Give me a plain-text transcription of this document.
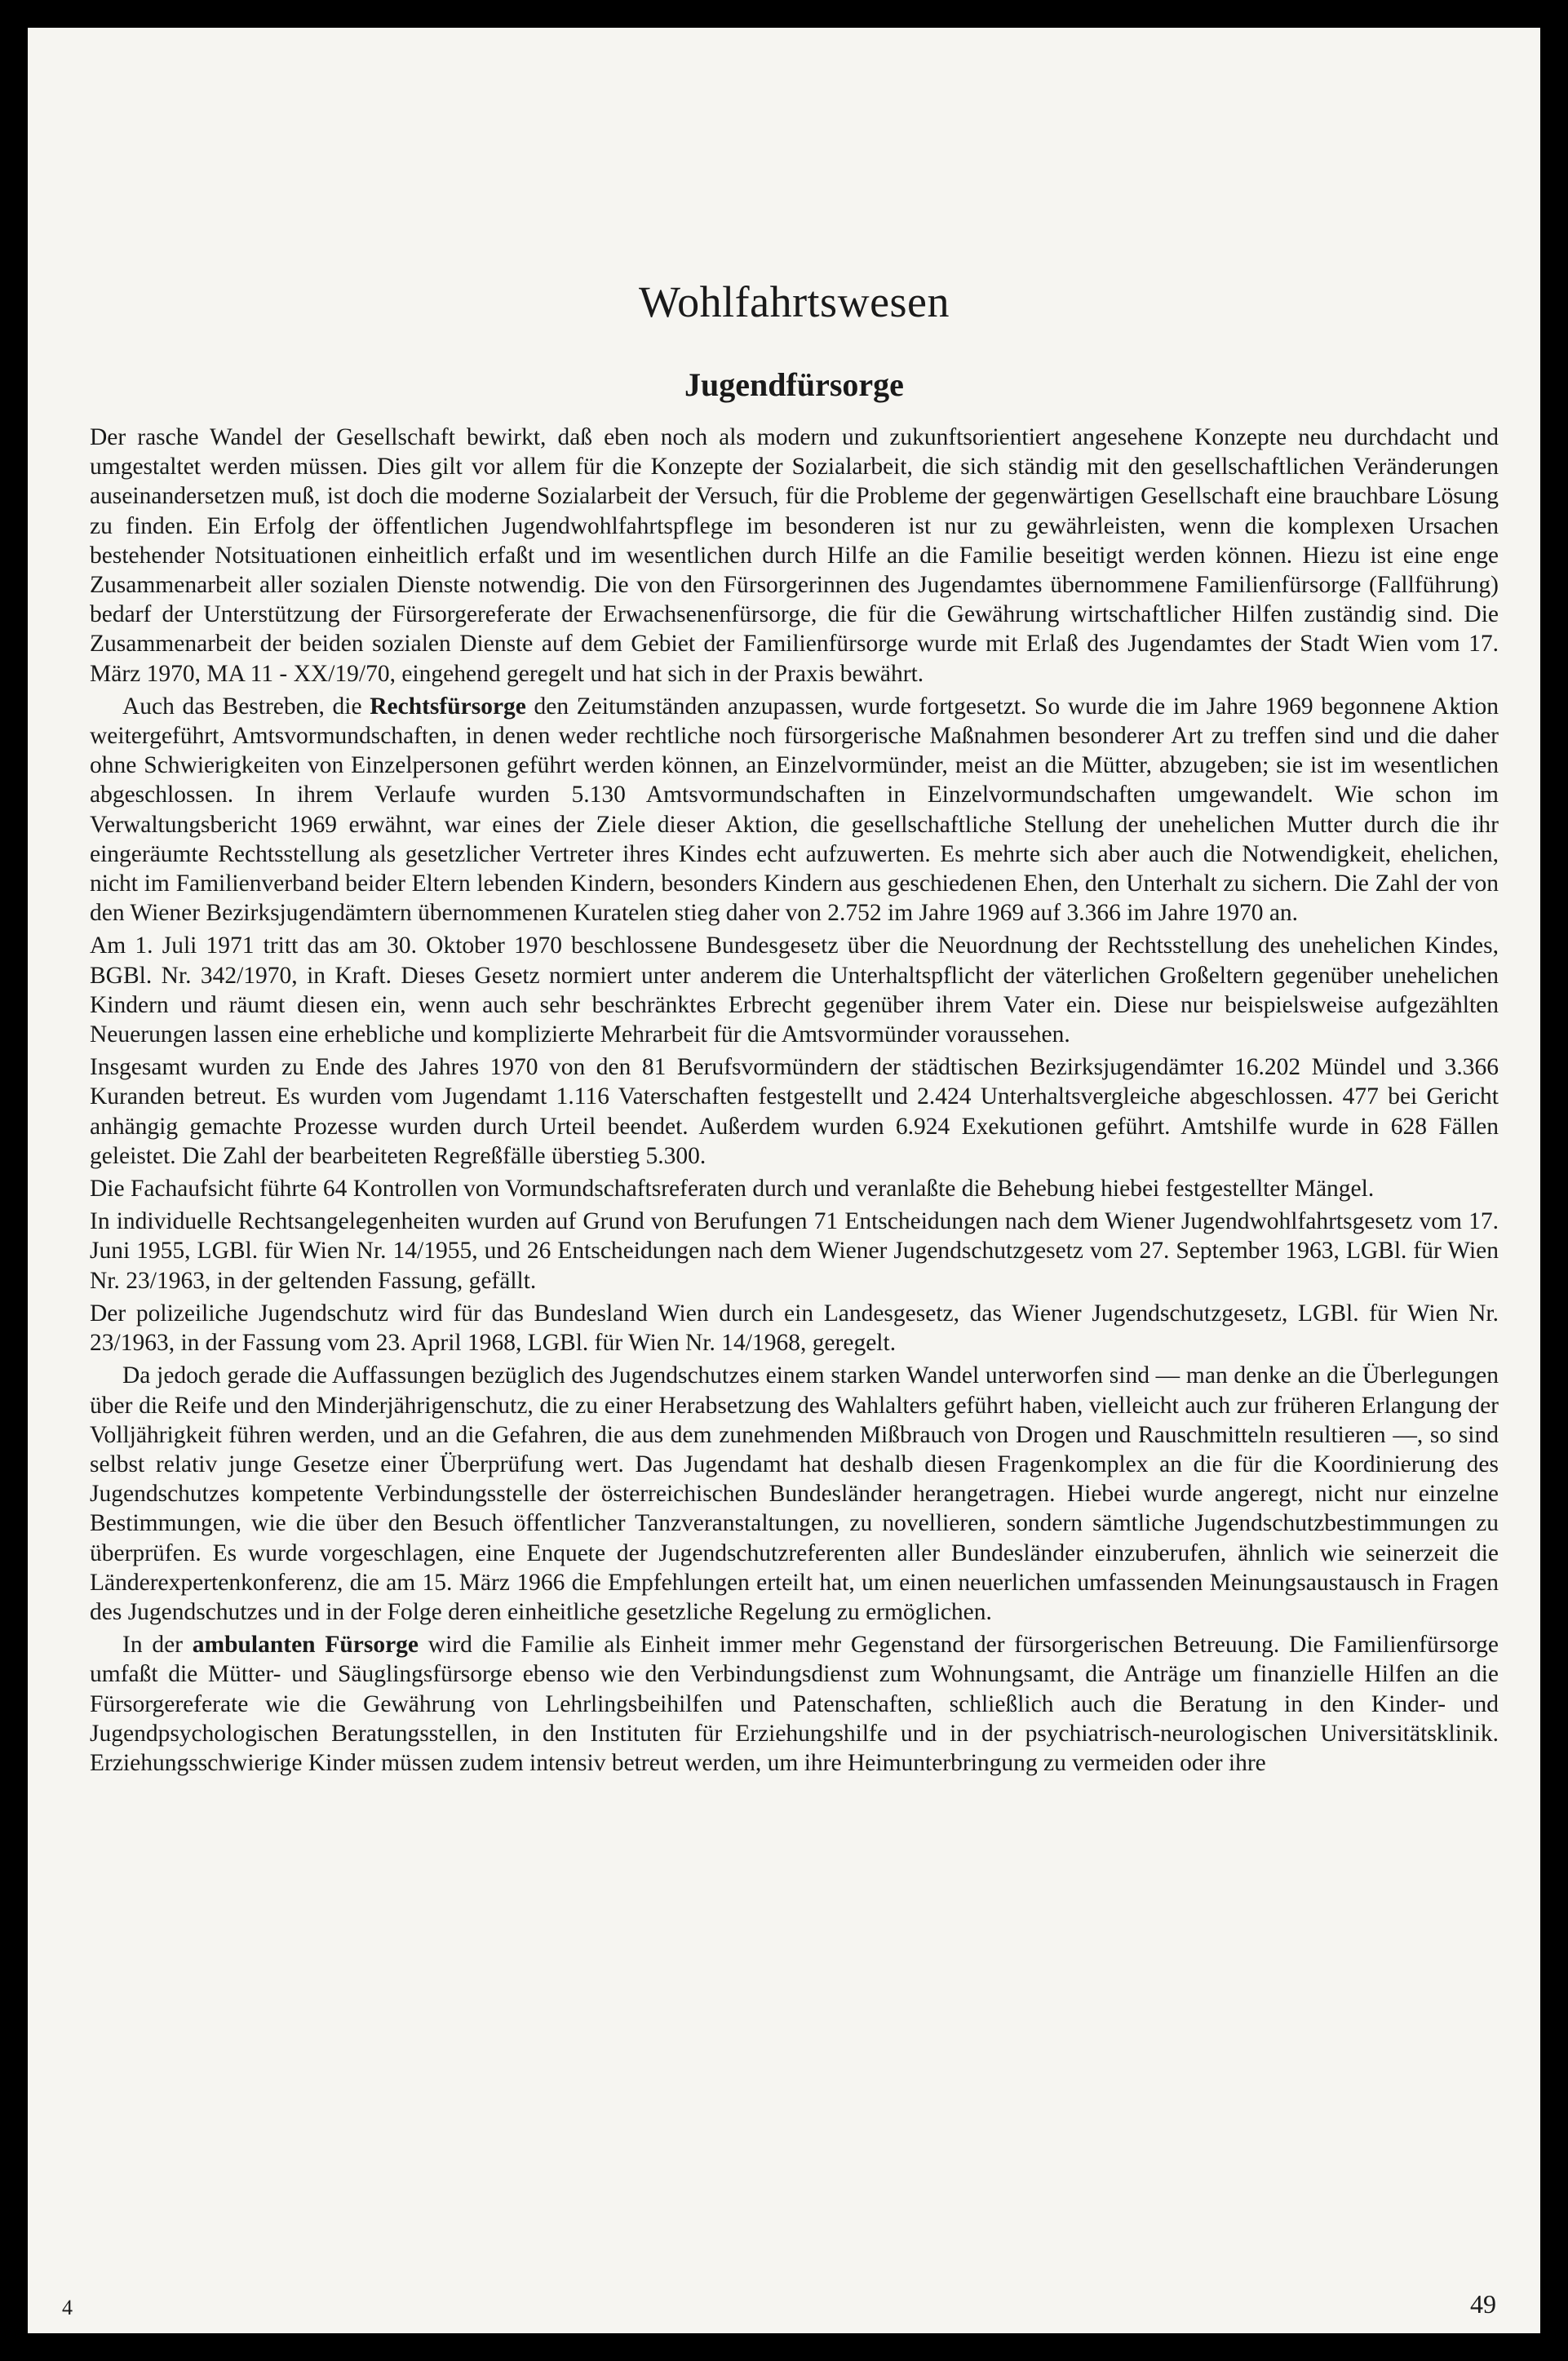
Wohlfahrtswesen
Jugendfürsorge

Der rasche Wandel der Gesellschaft bewirkt, daß eben noch als modern und zukunftsorientiert angesehene Konzepte neu durchdacht und umgestaltet werden müssen. Dies gilt vor allem für die Konzepte der Sozialarbeit, die sich ständig mit den gesellschaftlichen Veränderungen auseinandersetzen muß, ist doch die moderne Sozialarbeit der Versuch, für die Probleme der gegenwärtigen Gesellschaft eine brauchbare Lösung zu finden. Ein Erfolg der öffentlichen Jugendwohlfahrtspflege im besonderen ist nur zu gewährleisten, wenn die komplexen Ursachen bestehender Notsituationen einheitlich erfaßt und im wesentlichen durch Hilfe an die Familie beseitigt werden können. Hiezu ist eine enge Zusammenarbeit aller sozialen Dienste notwendig. Die von den Fürsorgerinnen des Jugendamtes übernommene Familienfürsorge (Fallführung) bedarf der Unterstützung der Fürsorgereferate der Erwachsenenfürsorge, die für die Gewährung wirtschaftlicher Hilfen zuständig sind. Die Zusammenarbeit der beiden sozialen Dienste auf dem Gebiet der Familienfürsorge wurde mit Erlaß des Jugendamtes der Stadt Wien vom 17. März 1970, MA 11 - XX/19/70, eingehend geregelt und hat sich in der Praxis bewährt.

Auch das Bestreben, die Rechtsfürsorge den Zeitumständen anzupassen, wurde fortgesetzt. So wurde die im Jahre 1969 begonnene Aktion weitergeführt, Amtsvormundschaften, in denen weder rechtliche noch fürsorgerische Maßnahmen besonderer Art zu treffen sind und die daher ohne Schwierigkeiten von Einzelpersonen geführt werden können, an Einzelvormünder, meist an die Mütter, abzugeben; sie ist im wesentlichen abgeschlossen. In ihrem Verlaufe wurden 5.130 Amtsvormundschaften in Einzelvormundschaften umgewandelt. Wie schon im Verwaltungsbericht 1969 erwähnt, war eines der Ziele dieser Aktion, die gesellschaftliche Stellung der unehelichen Mutter durch die ihr eingeräumte Rechtsstellung als gesetzlicher Vertreter ihres Kindes echt aufzuwerten. Es mehrte sich aber auch die Notwendigkeit, ehelichen, nicht im Familienverband beider Eltern lebenden Kindern, besonders Kindern aus geschiedenen Ehen, den Unterhalt zu sichern. Die Zahl der von den Wiener Bezirksjugendämtern übernommenen Kuratelen stieg daher von 2.752 im Jahre 1969 auf 3.366 im Jahre 1970 an.

Am 1. Juli 1971 tritt das am 30. Oktober 1970 beschlossene Bundesgesetz über die Neuordnung der Rechtsstellung des unehelichen Kindes, BGBl. Nr. 342/1970, in Kraft. Dieses Gesetz normiert unter anderem die Unterhaltspflicht der väterlichen Großeltern gegenüber unehelichen Kindern und räumt diesen ein, wenn auch sehr beschränktes Erbrecht gegenüber ihrem Vater ein. Diese nur beispielsweise aufgezählten Neuerungen lassen eine erhebliche und komplizierte Mehrarbeit für die Amtsvormünder voraussehen.

Insgesamt wurden zu Ende des Jahres 1970 von den 81 Berufsvormündern der städtischen Bezirksjugendämter 16.202 Mündel und 3.366 Kuranden betreut. Es wurden vom Jugendamt 1.116 Vaterschaften festgestellt und 2.424 Unterhaltsvergleiche abgeschlossen. 477 bei Gericht anhängig gemachte Prozesse wurden durch Urteil beendet. Außerdem wurden 6.924 Exekutionen geführt. Amtshilfe wurde in 628 Fällen geleistet. Die Zahl der bearbeiteten Regreßfälle überstieg 5.300.

Die Fachaufsicht führte 64 Kontrollen von Vormundschaftsreferaten durch und veranlaßte die Behebung hiebei festgestellter Mängel.

In individuelle Rechtsangelegenheiten wurden auf Grund von Berufungen 71 Entscheidungen nach dem Wiener Jugendwohlfahrtsgesetz vom 17. Juni 1955, LGBl. für Wien Nr. 14/1955, und 26 Entscheidungen nach dem Wiener Jugendschutzgesetz vom 27. September 1963, LGBl. für Wien Nr. 23/1963, in der geltenden Fassung, gefällt.

Der polizeiliche Jugendschutz wird für das Bundesland Wien durch ein Landesgesetz, das Wiener Jugendschutzgesetz, LGBl. für Wien Nr. 23/1963, in der Fassung vom 23. April 1968, LGBl. für Wien Nr. 14/1968, geregelt.

Da jedoch gerade die Auffassungen bezüglich des Jugendschutzes einem starken Wandel unterworfen sind — man denke an die Überlegungen über die Reife und den Minderjährigenschutz, die zu einer Herabsetzung des Wahlalters geführt haben, vielleicht auch zur früheren Erlangung der Volljährigkeit führen werden, und an die Gefahren, die aus dem zunehmenden Mißbrauch von Drogen und Rauschmitteln resultieren —, so sind selbst relativ junge Gesetze einer Überprüfung wert. Das Jugendamt hat deshalb diesen Fragenkomplex an die für die Koordinierung des Jugendschutzes kompetente Verbindungsstelle der österreichischen Bundesländer herangetragen. Hiebei wurde angeregt, nicht nur einzelne Bestimmungen, wie die über den Besuch öffentlicher Tanzveranstaltungen, zu novellieren, sondern sämtliche Jugendschutzbestimmungen zu überprüfen. Es wurde vorgeschlagen, eine Enquete der Jugendschutzreferenten aller Bundesländer einzuberufen, ähnlich wie seinerzeit die Länderexpertenkonferenz, die am 15. März 1966 die Empfehlungen erteilt hat, um einen neuerlichen umfassenden Meinungsaustausch in Fragen des Jugendschutzes und in der Folge deren einheitliche gesetzliche Regelung zu ermöglichen.

In der ambulanten Fürsorge wird die Familie als Einheit immer mehr Gegenstand der fürsorgerischen Betreuung. Die Familienfürsorge umfaßt die Mütter- und Säuglingsfürsorge ebenso wie den Verbindungsdienst zum Wohnungsamt, die Anträge um finanzielle Hilfen an die Fürsorgereferate wie die Gewährung von Lehrlingsbeihilfen und Patenschaften, schließlich auch die Beratung in den Kinder- und Jugendpsychologischen Beratungsstellen, in den Instituten für Erziehungshilfe und in der psychiatrisch-neurologischen Universitätsklinik. Erziehungsschwierige Kinder müssen zudem intensiv betreut werden, um ihre Heimunterbringung zu vermeiden oder ihre

4	49
